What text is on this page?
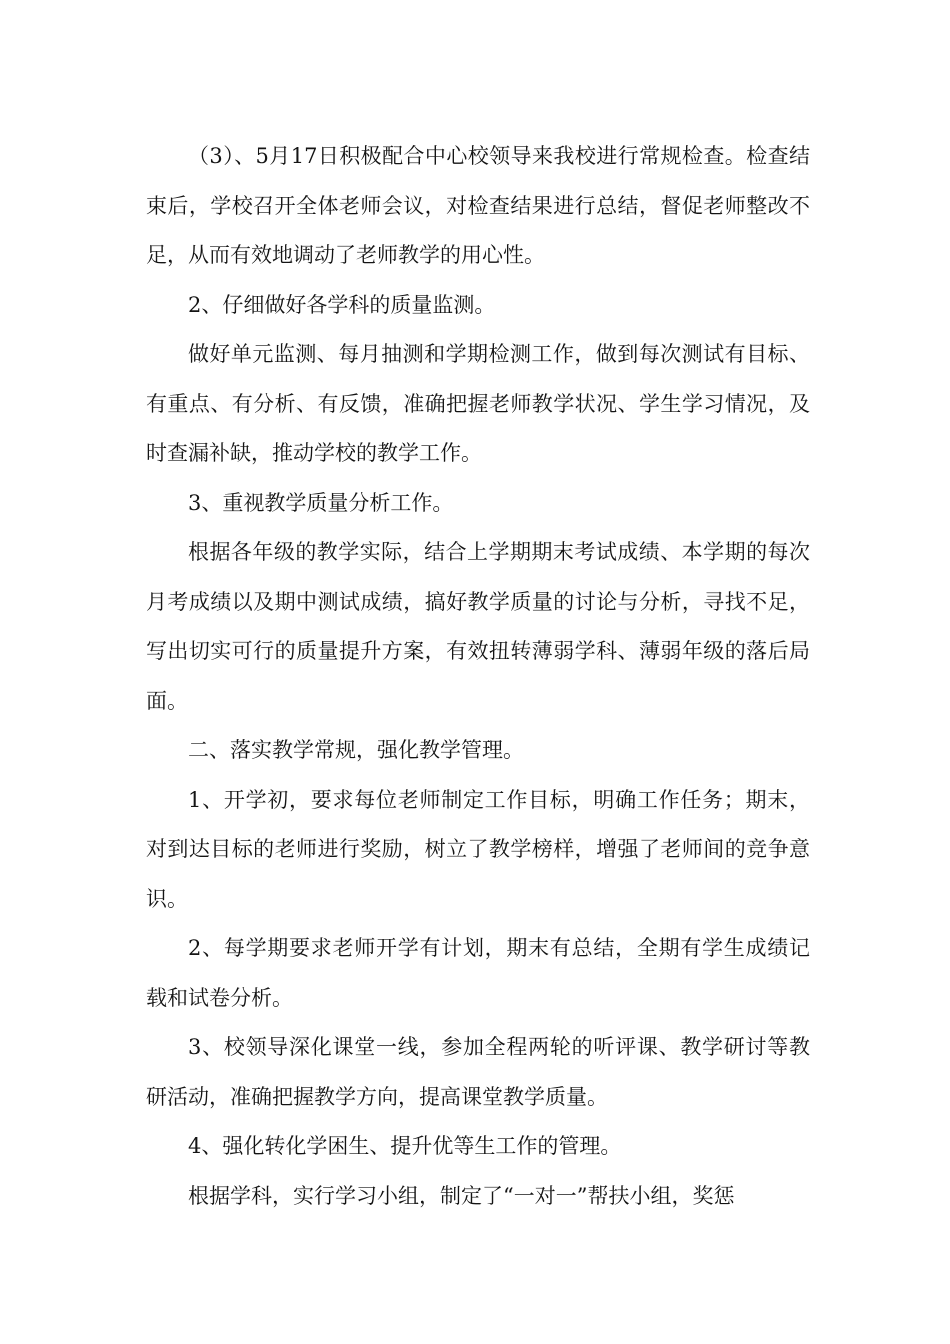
（3）、5月17日积极配合中心校领导来我校进行常规检查。检查结束后，学校召开全体老师会议，对检查结果进行总结，督促老师整改不足，从而有效地调动了老师教学的用心性。

2、仔细做好各学科的质量监测。

做好单元监测、每月抽测和学期检测工作，做到每次测试有目标、有重点、有分析、有反馈，准确把握老师教学状况、学生学习情况，及时查漏补缺，推动学校的教学工作。

3、重视教学质量分析工作。

根据各年级的教学实际，结合上学期期末考试成绩、本学期的每次月考成绩以及期中测试成绩，搞好教学质量的讨论与分析，寻找不足，写出切实可行的质量提升方案，有效扭转薄弱学科、薄弱年级的落后局面。

二、落实教学常规，强化教学管理。

1、开学初，要求每位老师制定工作目标，明确工作任务；期末，对到达目标的老师进行奖励，树立了教学榜样，增强了老师间的竞争意识。

2、每学期要求老师开学有计划，期末有总结，全期有学生成绩记载和试卷分析。

3、校领导深化课堂一线，参加全程两轮的听评课、教学研讨等教研活动，准确把握教学方向，提高课堂教学质量。

4、强化转化学困生、提升优等生工作的管理。

根据学科，实行学习小组，制定了“一对一”帮扶小组，奖惩
